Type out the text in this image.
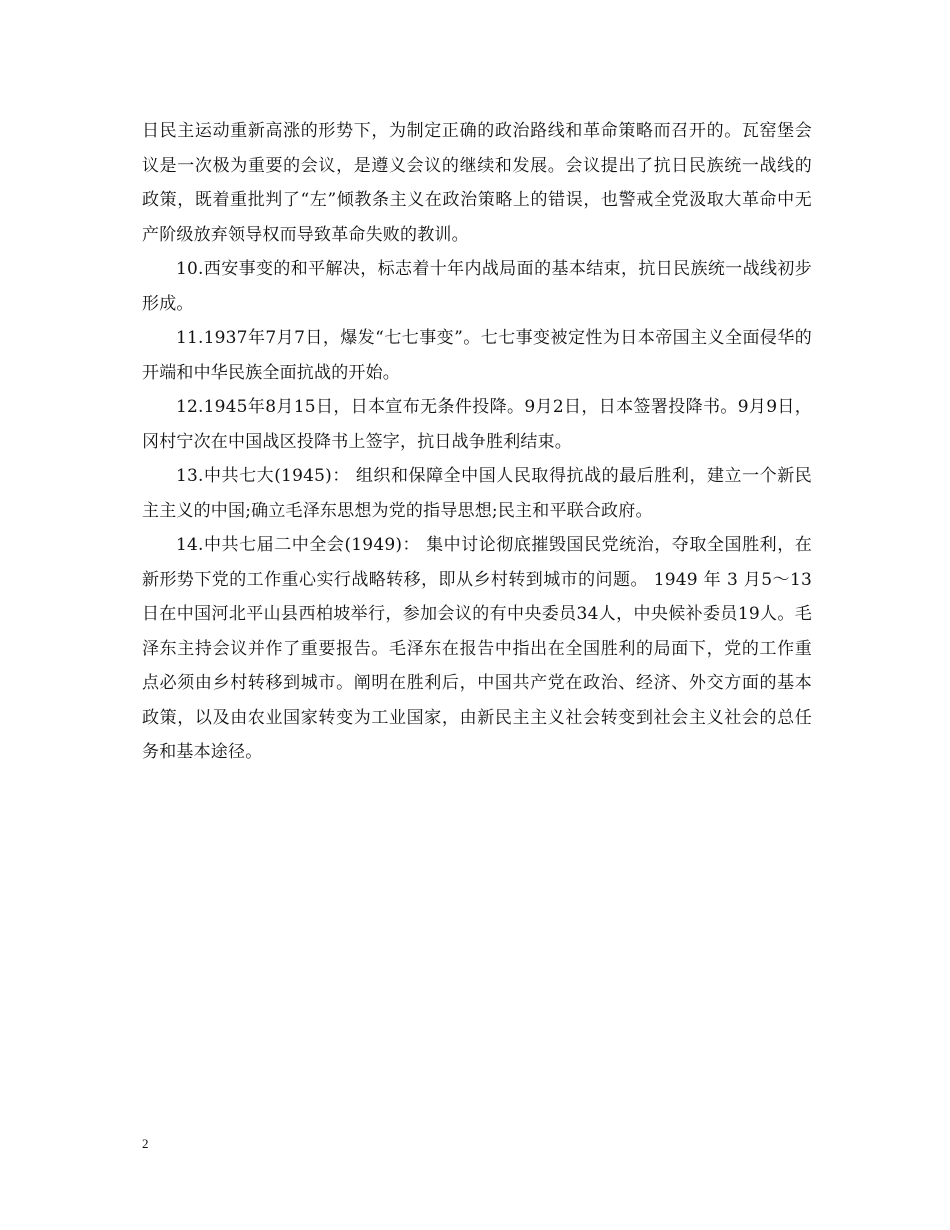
日民主运动重新高涨的形势下，为制定正确的政治路线和革命策略而召开的。瓦窑堡会议是一次极为重要的会议，是遵义会议的继续和发展。会议提出了抗日民族统一战线的政策，既着重批判了“左”倾教条主义在政治策略上的错误，也警戒全党汲取大革命中无产阶级放弃领导权而导致革命失败的教训。

10.西安事变的和平解决，标志着十年内战局面的基本结束，抗日民族统一战线初步形成。

11.1937年7月7日，爆发“七七事变”。七七事变被定性为日本帝国主义全面侵华的开端和中华民族全面抗战的开始。

12.1945年8月15日，日本宣布无条件投降。9月2日，日本签署投降书。9月9日，冈村宁次在中国战区投降书上签字，抗日战争胜利结束。

13.中共七大(1945)： 组织和保障全中国人民取得抗战的最后胜利，建立一个新民主主义的中国;确立毛泽东思想为党的指导思想;民主和平联合政府。

14.中共七届二中全会(1949)： 集中讨论彻底摧毁国民党统治，夺取全国胜利，在新形势下党的工作重心实行战略转移，即从乡村转到城市的问题。 1949 年 3 月5～13日在中国河北平山县西柏坡举行，参加会议的有中央委员34人，中央候补委员19人。毛泽东主持会议并作了重要报告。毛泽东在报告中指出在全国胜利的局面下，党的工作重点必须由乡村转移到城市。阐明在胜利后，中国共产党在政治、经济、外交方面的基本政策，以及由农业国家转变为工业国家，由新民主主义社会转变到社会主义社会的总任务和基本途径。

2
